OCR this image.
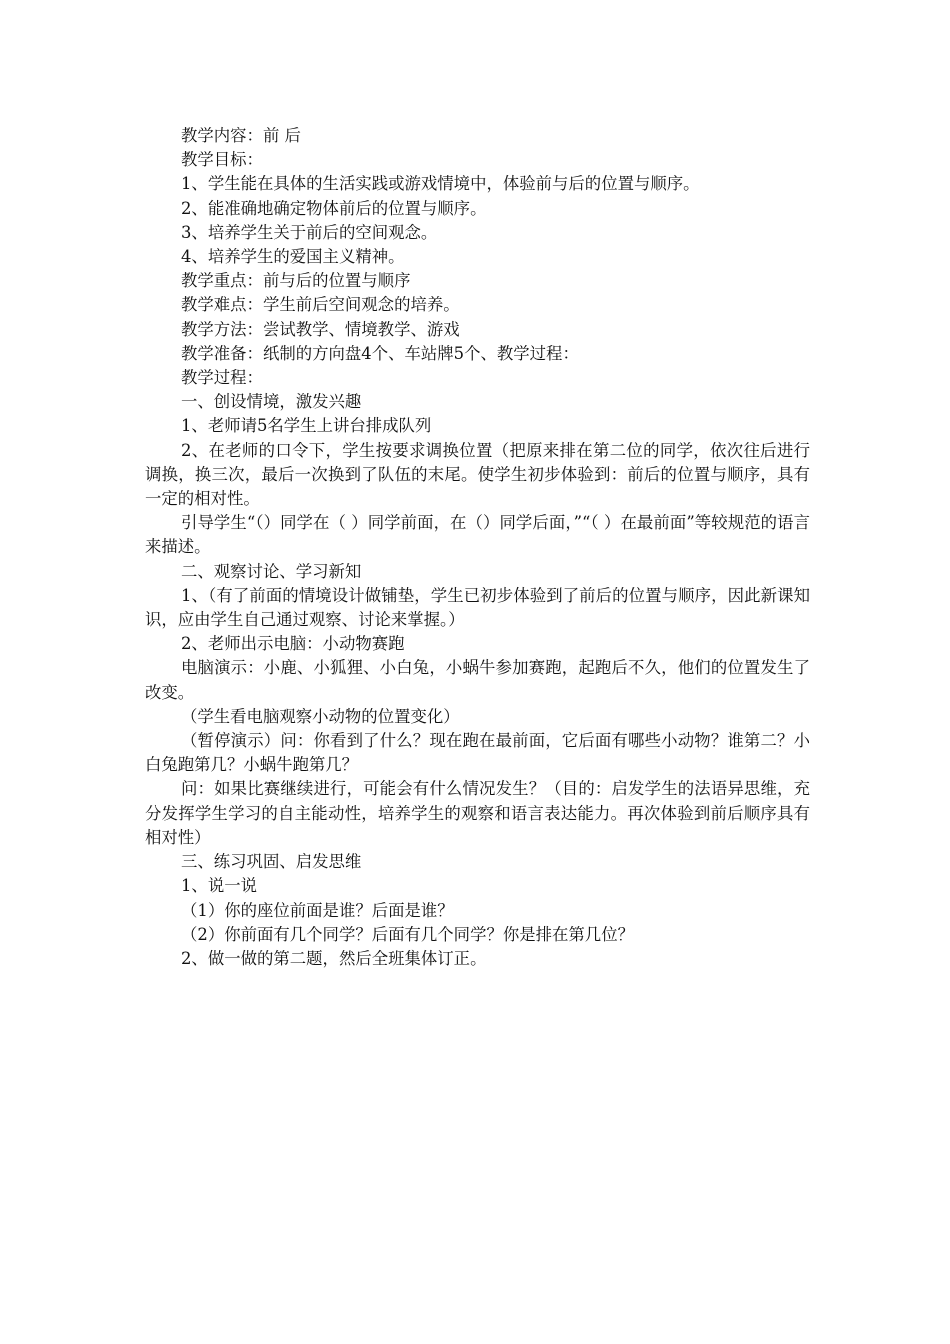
教学内容：前 后

教学目标：

1、学生能在具体的生活实践或游戏情境中，体验前与后的位置与顺序。

2、能准确地确定物体前后的位置与顺序。

3、培养学生关于前后的空间观念。

4、培养学生的爱国主义精神。

教学重点：前与后的位置与顺序

教学难点：学生前后空间观念的培养。

教学方法：尝试教学、情境教学、游戏

教学准备：纸制的方向盘4个、车站牌5个、教学过程：

教学过程：

一、创设情境，激发兴趣

1、老师请5名学生上讲台排成队列

2、在老师的口令下，学生按要求调换位置（把原来排在第二位的同学，依次往后进行调换，换三次，最后一次换到了队伍的末尾。使学生初步体验到：前后的位置与顺序，具有一定的相对性。

引导学生“（）同学在（ ）同学前面，在（）同学后面，”“（ ）在最前面”等较规范的语言来描述。

二、观察讨论、学习新知

1、（有了前面的情境设计做铺垫，学生已初步体验到了前后的位置与顺序，因此新课知识，应由学生自己通过观察、讨论来掌握。）

2、老师出示电脑：小动物赛跑

电脑演示：小鹿、小狐狸、小白兔，小蜗牛参加赛跑，起跑后不久，他们的位置发生了改变。

（学生看电脑观察小动物的位置变化）

（暂停演示）问：你看到了什么？现在跑在最前面，它后面有哪些小动物？谁第二？小白兔跑第几？小蜗牛跑第几？

问：如果比赛继续进行，可能会有什么情况发生？（目的：启发学生的法语异思维，充分发挥学生学习的自主能动性，培养学生的观察和语言表达能力。再次体验到前后顺序具有相对性）

三、练习巩固、启发思维

1、说一说

（1）你的座位前面是谁？后面是谁？

（2）你前面有几个同学？后面有几个同学？你是排在第几位？

2、做一做的第二题，然后全班集体订正。
